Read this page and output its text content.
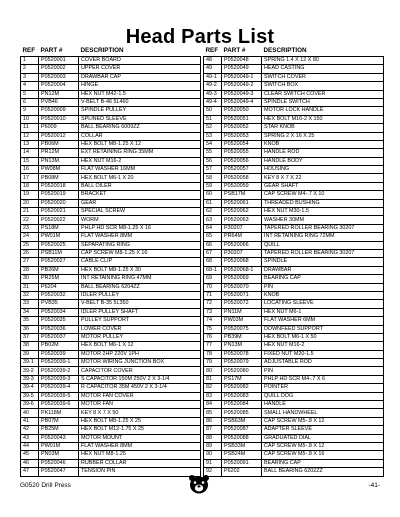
Head Parts List
REF	PART #	DESCRIPTION
1	P0520001	COVER BOARD
2	P0520002	UPPER COVER
3	P0520003	DRAWBAR CAP
4	P0520004	HINGE
5	PN12M	HEX NUT M42-1.5
6	PVB46	V-BELT B-46 5L460
9	P0520009	SPINDLE PULLEY
10	P0520010	SPLINED SLEEVE
11	P6009	BALL BEARING 6009ZZ
12	P0520012	COLLAR
13	PB06M	HEX BOLT M8-1.25 X 12
14	PR12M	EXT RETAINING RING 35MM
15	PN13M	HEX NUT M16-2
16	PW08M	FLAT WASHER 16MM
17	PB08M	HEX BOLT M6-1 X 20
18	P0520018	BALL OILER
19	P0520019	BRACKET
20	P0520020	GEAR
21	P0520021	SPECIAL SCREW
22	P0520022	WORM
23	PS18M	PHLP HD SCR M8-1.25 X 16
24	PW01M	FLAT WASHER 8MM
25	P0520025	SEPARATING RING
26	PSB11M	CAP SCREW M8-1.25 X 16
27	P0520027	CABLE CLIP
28	PB26M	HEX BOLT M8-1.25 X 30
30	PR25M	INT RETAINING RING 47MM
31	P6204	BALL BEARING 6204ZZ
32	P0520032	IDLER PULLEY
33	PVB35	V-BELT B-35 5L350
34	P0520034	IDLER PULLEY SHAFT
35	P0520035	PULLEY SUPPORT
36	P0520036	LOWER COVER
37	P0520037	MOTOR PULLEY
38	PB02M	HEX BOLT M6-1 X 12
39	P0520039	MOTOR 2HP 220V 1PH
39-1	P0520039-1	MOTOR WIRING JUNCTION BOX
39-2	P0520039-2	CAPACITOR COVER
39-3	P0520039-3	S CAPACITOR 150M 250V 2 X 3-1/4
39-4	P0520039-4	R CAPACITOR 35M 450V 2 X 3-1/4
39-5	P0520039-5	MOTOR FAN COVER
39-6	P0520039-6	MOTOR FAN
40	PK118M	KEY 8 X 7 X 50
41	PB07M	HEX BOLT M8-1.25 X 25
42	PB25M	HEX BOLT M12-1.75 X 25
43	P0520043	MOTOR MOUNT
44	PW01M	FLAT WASHER 8MM
45	PN03M	HEX NUT M8-1.25
46	P0520046	RUBBER COLLAR
47	P0520047	TENSION PIN
REF	PART #	DESCRIPTION
48	P0520048	SPRING 1.4 X 12 X 80
49	P0520049	HEAD CASTING
49-1	P0520049-1	SWITCH COVER
49-2	P0520049-2	SWITCH BOX
49-3	P0520049-3	CLEAR SWITCH COVER
49-4	P0520049-4	SPINDLE SWITCH
50	P0520050	MOTOR LOCK HANDLE
51	P0520051	HEX BOLT M16-2 X 150
52	P0520052	STAR KNOB
53	P0520053	SPRING 2 X 16 X 25
54	P0520054	KNOB
55	P0520055	HANDLE ROD
56	P0520056	HANDLE BODY
57	P0520057	HOUSING
58	P0520058	KEY 8 X 7 X 22
59	P0520059	GEAR SHAFT
60	PSB17M	CAP SCREW M4-.7 X 10
61	P0520061	THREADED BUSHING
62	P0520062	HEX NUT M30-1.5
63	P0520063	WASHER 30MM
64	P30207	TAPERED ROLLER BEARING 30207
65	PR64M	INT RETAINING RING 72MM
66	P0520066	QUILL
67	P30207	TAPERED ROLLER BEARING 30207
68	P0520068	SPINDLE
68-1	P0520068-1	DRAWBAR
69	P0520069	BEARING CAP
70	P0520070	PIN
71	P0520071	KNOB
72	P0520072	LOCATING SLEEVE
73	PN11M	HEX NUT M6-1
74	PW03M	FLAT WASHER 6MM
75	P0520075	DOWNFEED SUPPORT
76	PB39M	HEX BOLT M6-1 X 50
77	PN13M	HEX NUT M16-2
78	P0520078	FIXED NUT M20-1.5
79	P0520079	ADJUSTABLE ROD
80	P0520080	PIN
81	PS17M	PHLP HD SCR M4-.7 X 6
82	P0520082	POINTER
83	P0520083	QUILL DOG
84	P0520084	HANDLE
85	P0520085	SMALL HANDWHEEL
86	PSB63M	CAP SCREW M5-.8 X 12
87	P0520087	ADAPTER SLEEVE
88	P0520088	GRADUATED DIAL
89	PSB33M	CAP SCREW M5-.8 X 12
90	PSB24M	CAP SCREW M5-.8 X 16
91	P0520091	BEARING CAP
92	P6202	BALL BEARING 6202ZZ
G0520 Drill Press	-41-
